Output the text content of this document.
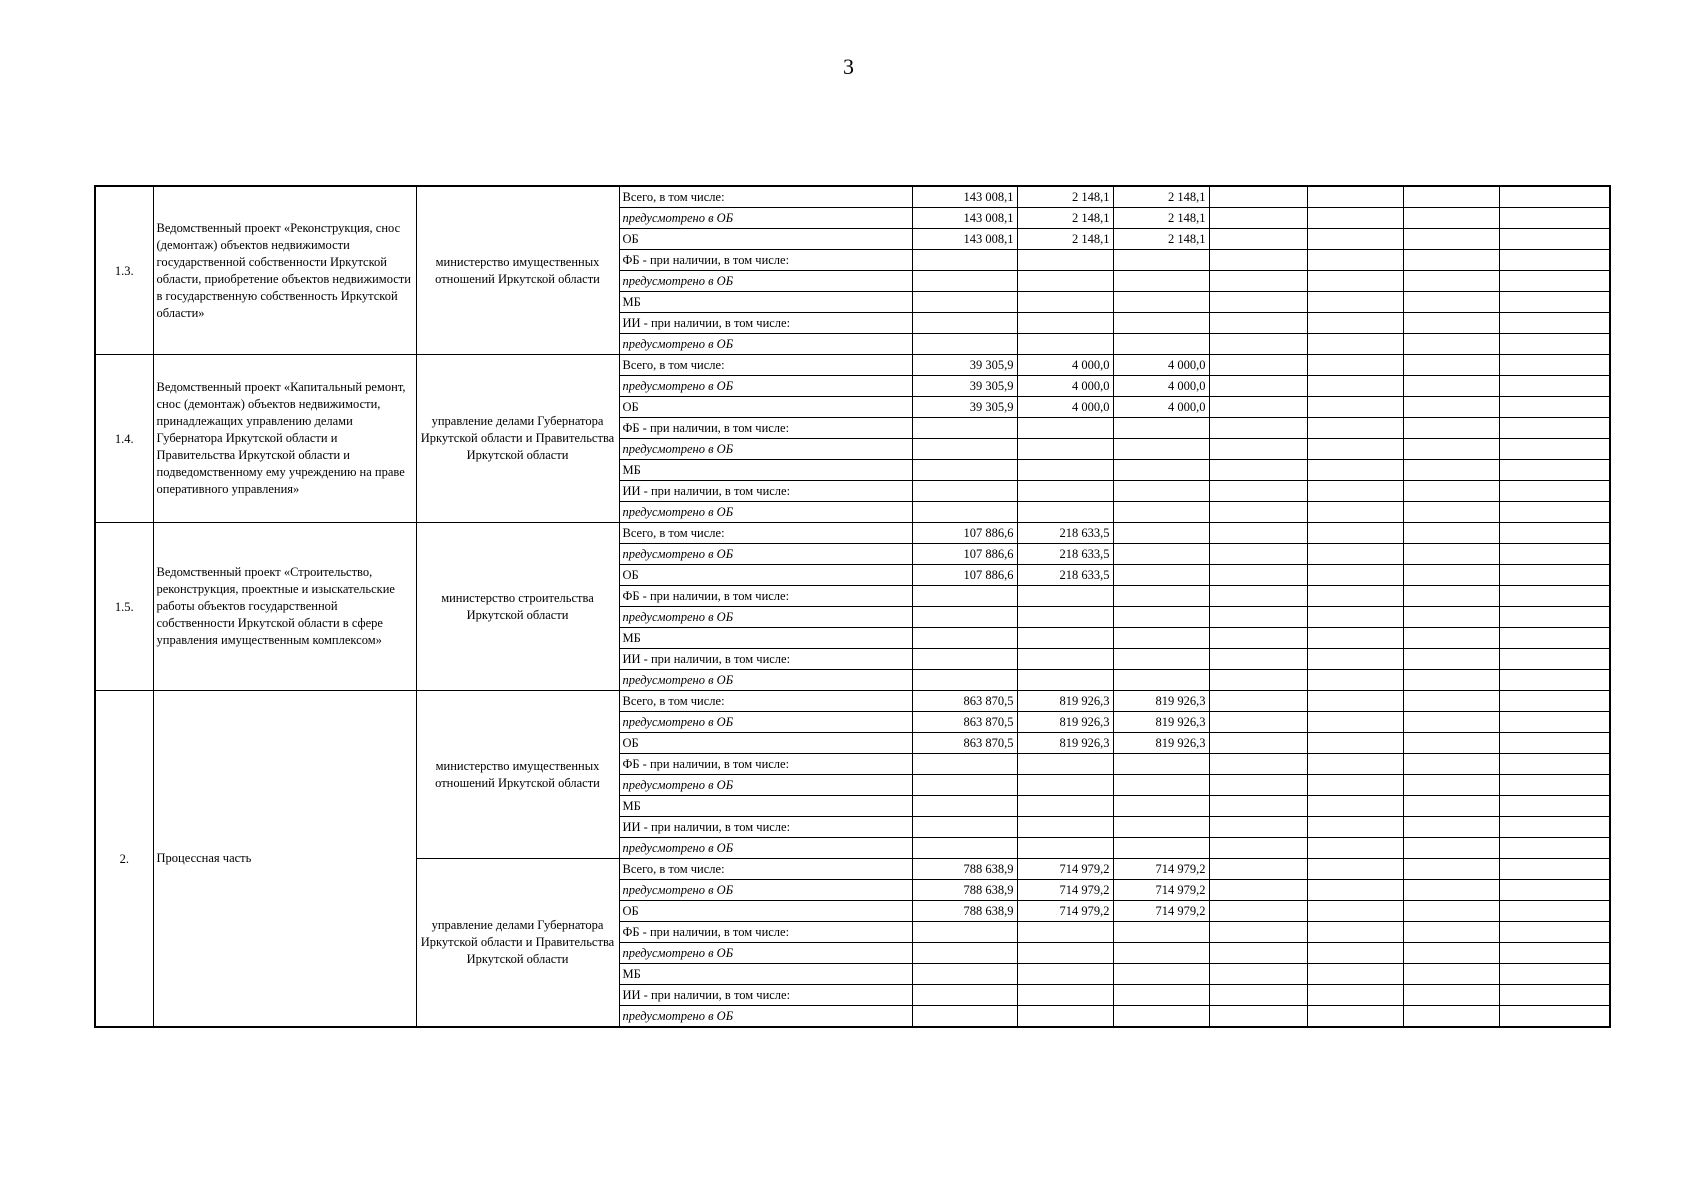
3
1.3.	Ведомственный проект «Реконструкция, снос (демонтаж) объектов недвижимости государственной собственности Иркутской области, приобретение объектов недвижимости в государственную собственность Иркутской области»	министерство имущественных отношений Иркутской области	Всего, в том числе:	143 008,1	2 148,1	2 148,1				
			предусмотрено в ОБ	143 008,1	2 148,1	2 148,1				
			ОБ	143 008,1	2 148,1	2 148,1				
			ФБ - при наличии, в том числе:							
			предусмотрено в ОБ							
			МБ							
			ИИ - при наличии, в том числе:							
			предусмотрено в ОБ							
1.4.	Ведомственный проект «Капитальный ремонт, снос (демонтаж) объектов недвижимости, принадлежащих управлению делами Губернатора Иркутской области и Правительства Иркутской области и подведомственному ему учреждению на праве оперативного управления»	управление делами Губернатора Иркутской области и Правительства Иркутской области	Всего, в том числе:	39 305,9	4 000,0	4 000,0				
			предусмотрено в ОБ	39 305,9	4 000,0	4 000,0				
			ОБ	39 305,9	4 000,0	4 000,0				
			ФБ - при наличии, в том числе:							
			предусмотрено в ОБ							
			МБ							
			ИИ - при наличии, в том числе:							
			предусмотрено в ОБ							
1.5.	Ведомственный проект «Строительство, реконструкция, проектные и изыскательские работы объектов государственной собственности Иркутской области в сфере управления имущественным комплексом»	министерство строительства Иркутской области	Всего, в том числе:	107 886,6	218 633,5					
			предусмотрено в ОБ	107 886,6	218 633,5					
			ОБ	107 886,6	218 633,5					
			ФБ - при наличии, в том числе:							
			предусмотрено в ОБ							
			МБ							
			ИИ - при наличии, в том числе:							
			предусмотрено в ОБ							
2.	Процессная часть	министерство имущественных отношений Иркутской области	Всего, в том числе:	863 870,5	819 926,3	819 926,3				
			предусмотрено в ОБ	863 870,5	819 926,3	819 926,3				
			ОБ	863 870,5	819 926,3	819 926,3				
			ФБ - при наличии, в том числе:							
			предусмотрено в ОБ							
			МБ							
			ИИ - при наличии, в том числе:							
			предусмотрено в ОБ							
		управление делами Губернатора Иркутской области и Правительства Иркутской области	Всего, в том числе:	788 638,9	714 979,2	714 979,2				
			предусмотрено в ОБ	788 638,9	714 979,2	714 979,2				
			ОБ	788 638,9	714 979,2	714 979,2				
			ФБ - при наличии, в том числе:							
			предусмотрено в ОБ							
			МБ							
			ИИ - при наличии, в том числе:							
			предусмотрено в ОБ							
